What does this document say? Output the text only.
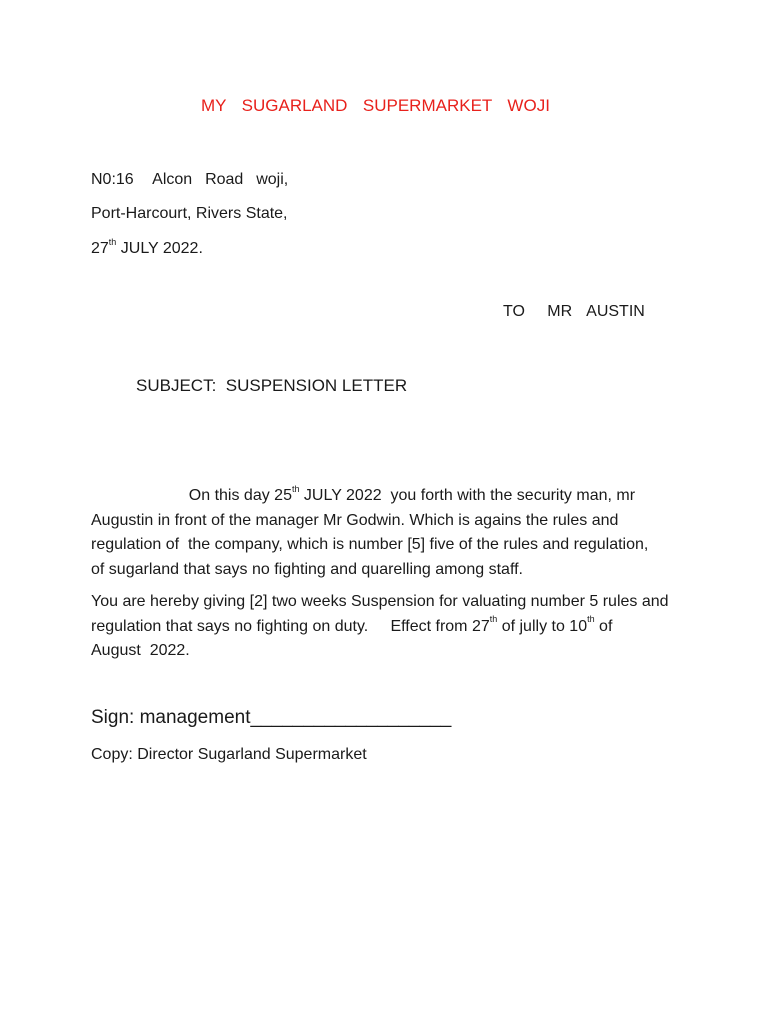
MY  SUGARLAND  SUPERMARKET  WOJI
N0:16   Alcon  Road  woji,
Port-Harcourt, Rivers State,
27th JULY 2022.
TO   MR  AUSTIN
SUBJECT:  SUSPENSION LETTER
On this day 25th JULY 2022  you forth with the security man, mr
Augustin in front of the manager Mr Godwin. Which is agains the rules and
regulation of  the company, which is number [5] five of the rules and regulation,
of sugarland that says no fighting and quarelling among staff.
You are hereby giving [2] two weeks Suspension for valuating number 5 rules and
regulation that says no fighting on duty.     Effect from 27th of jully to 10th of
August  2022.
Sign: management___________________
Copy: Director Sugarland Supermarket
